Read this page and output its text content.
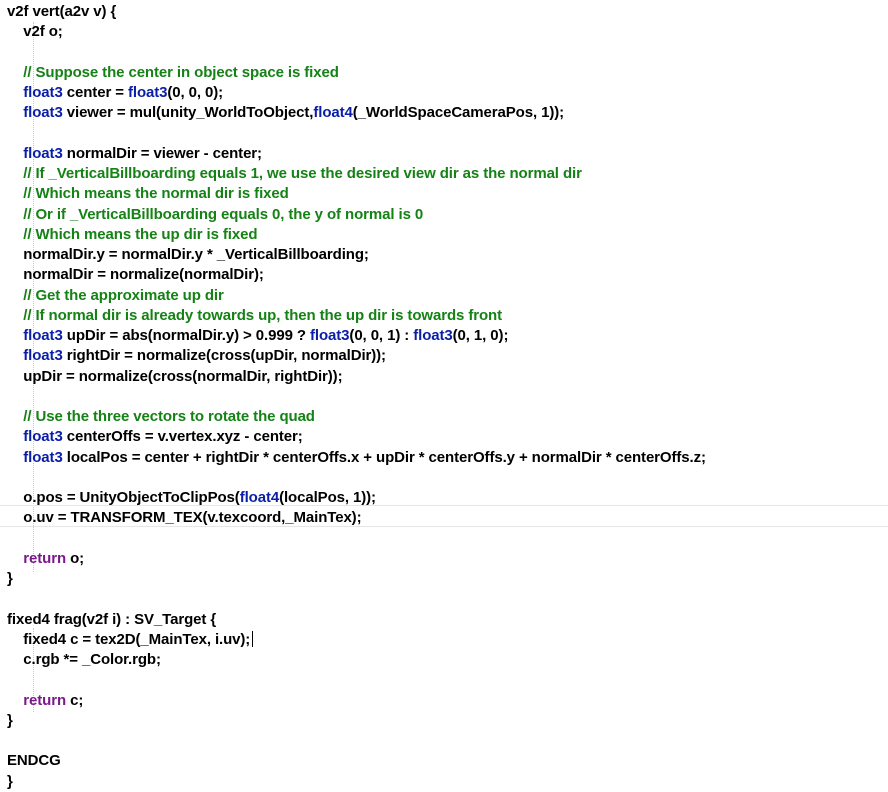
v2f vert(a2v v) {
v2f o;
// Suppose the center in object space is fixed
float3 center = float3(0, 0, 0);
float3 viewer = mul(unity_WorldToObject,float4(_WorldSpaceCameraPos, 1));
float3 normalDir = viewer - center;
// If _VerticalBillboarding equals 1, we use the desired view dir as the normal dir
// Which means the normal dir is fixed
// Or if _VerticalBillboarding equals 0, the y of normal is 0
// Which means the up dir is fixed
normalDir.y = normalDir.y * _VerticalBillboarding;
normalDir = normalize(normalDir);
// Get the approximate up dir
// If normal dir is already towards up, then the up dir is towards front
float3 upDir = abs(normalDir.y) > 0.999 ? float3(0, 0, 1) : float3(0, 1, 0);
float3 rightDir = normalize(cross(upDir, normalDir));
upDir = normalize(cross(normalDir, rightDir));
// Use the three vectors to rotate the quad
float3 centerOffs = v.vertex.xyz - center;
float3 localPos = center + rightDir * centerOffs.x + upDir * centerOffs.y + normalDir * centerOffs.z;
o.pos = UnityObjectToClipPos(float4(localPos, 1));
o.uv = TRANSFORM_TEX(v.texcoord,_MainTex);
return o;
}
fixed4 frag(v2f i) : SV_Target {
fixed4 c = tex2D(_MainTex, i.uv);
c.rgb *= _Color.rgb;
return c;
}
ENDCG
}
